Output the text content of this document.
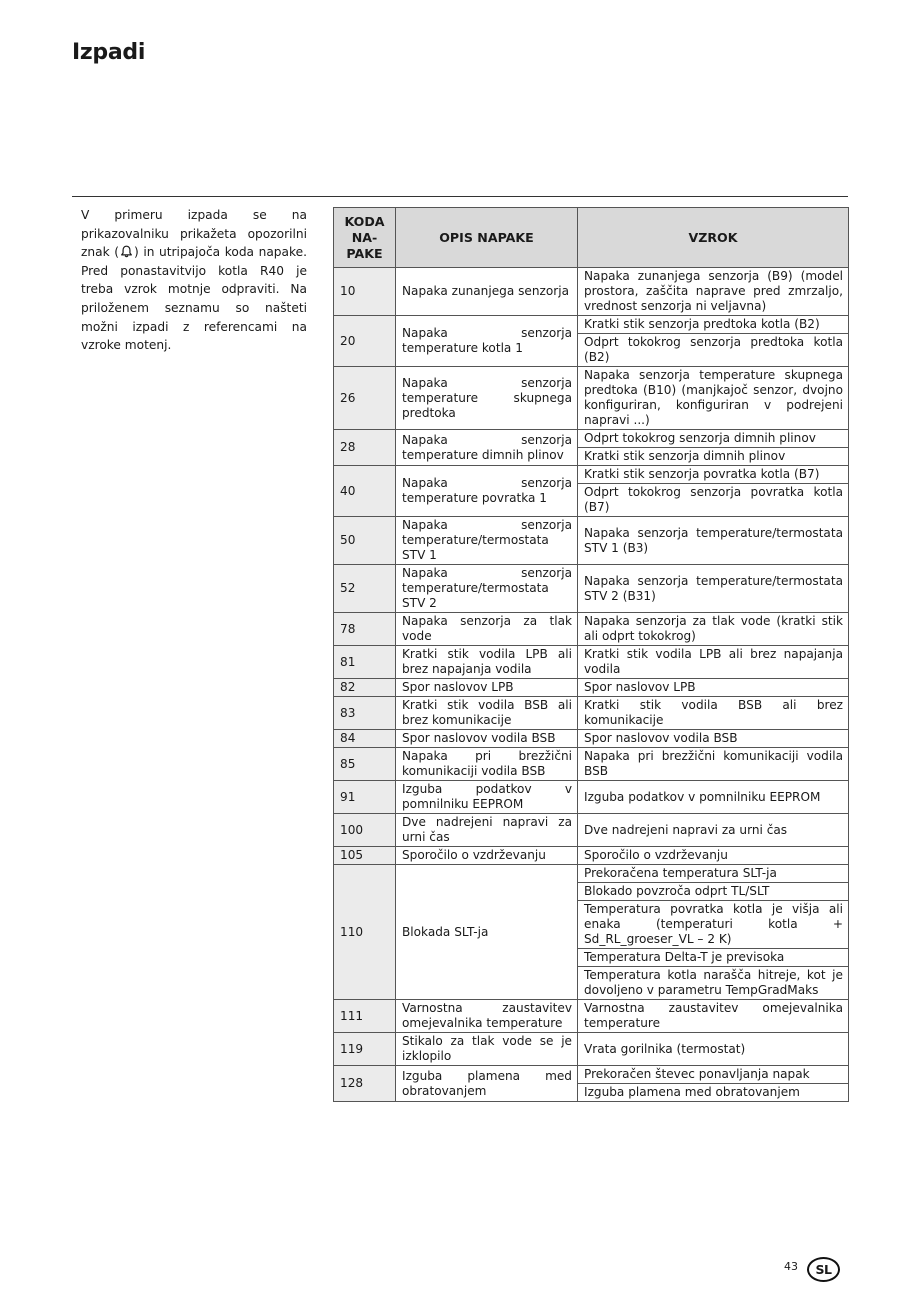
Izpadi
V primeru izpada se na prikazovalniku prikažeta opozorilni znak ( ) in utripajoča koda napake. Pred ponastavitvijo kotla R40 je treba vzrok motnje odpraviti. Na priloženem seznamu so našteti možni izpadi z referencami na vzroke motenj.
KODA NA-PAKE	OPIS NAPAKE	VZROK
10	Napaka zunanjega senzorja	Napaka zunanjega senzorja (B9) (model prostora, zaščita naprave pred zmrzaljo, vrednost senzorja ni veljavna)
20	Napaka senzorja temperature kotla 1	Kratki stik senzorja predtoka kotla (B2)
		Odprt tokokrog senzorja predtoka kotla (B2)
26	Napaka senzorja temperature skupnega predtoka	Napaka senzorja temperature skupnega predtoka (B10) (manjkajoč senzor, dvojno konfiguriran, konfiguriran v podrejeni napravi ...)
28	Napaka senzorja temperature dimnih plinov	Odprt tokokrog senzorja dimnih plinov
		Kratki stik senzorja dimnih plinov
40	Napaka senzorja temperature povratka 1	Kratki stik senzorja povratka kotla (B7)
		Odprt tokokrog senzorja povratka kotla (B7)
50	Napaka senzorja temperature/termostata STV 1	Napaka senzorja temperature/termostata STV 1 (B3)
52	Napaka senzorja temperature/termostata STV 2	Napaka senzorja temperature/termostata STV 2 (B31)
78	Napaka senzorja za tlak vode	Napaka senzorja za tlak vode (kratki stik ali odprt tokokrog)
81	Kratki stik vodila LPB ali brez napajanja vodila	Kratki stik vodila LPB ali brez napajanja vodila
82	Spor naslovov LPB	Spor naslovov LPB
83	Kratki stik vodila BSB ali brez komunikacije	Kratki stik vodila BSB ali brez komunikacije
84	Spor naslovov vodila BSB	Spor naslovov vodila BSB
85	Napaka pri brezžični komunikaciji vodila BSB	Napaka pri brezžični komunikaciji vodila BSB
91	Izguba podatkov v pomnilniku EEPROM	Izguba podatkov v pomnilniku EEPROM
100	Dve nadrejeni napravi za urni čas	Dve nadrejeni napravi za urni čas
105	Sporočilo o vzdrževanju	Sporočilo o vzdrževanju
110	Blokada SLT-ja	Prekoračena temperatura SLT-ja
		Blokado povzroča odprt TL/SLT
		Temperatura povratka kotla je višja ali enaka (temperaturi kotla + Sd_RL_groeser_VL – 2 K)
		Temperatura Delta-T je previsoka
		Temperatura kotla narašča hitreje, kot je dovoljeno v parametru TempGradMaks
111	Varnostna zaustavitev omejevalnika temperature	Varnostna zaustavitev omejevalnika temperature
119	Stikalo za tlak vode se je izklopilo	Vrata gorilnika (termostat)
128	Izguba plamena med obratovanjem	Prekoračen števec ponavljanja napak
		Izguba plamena med obratovanjem
43	SL
